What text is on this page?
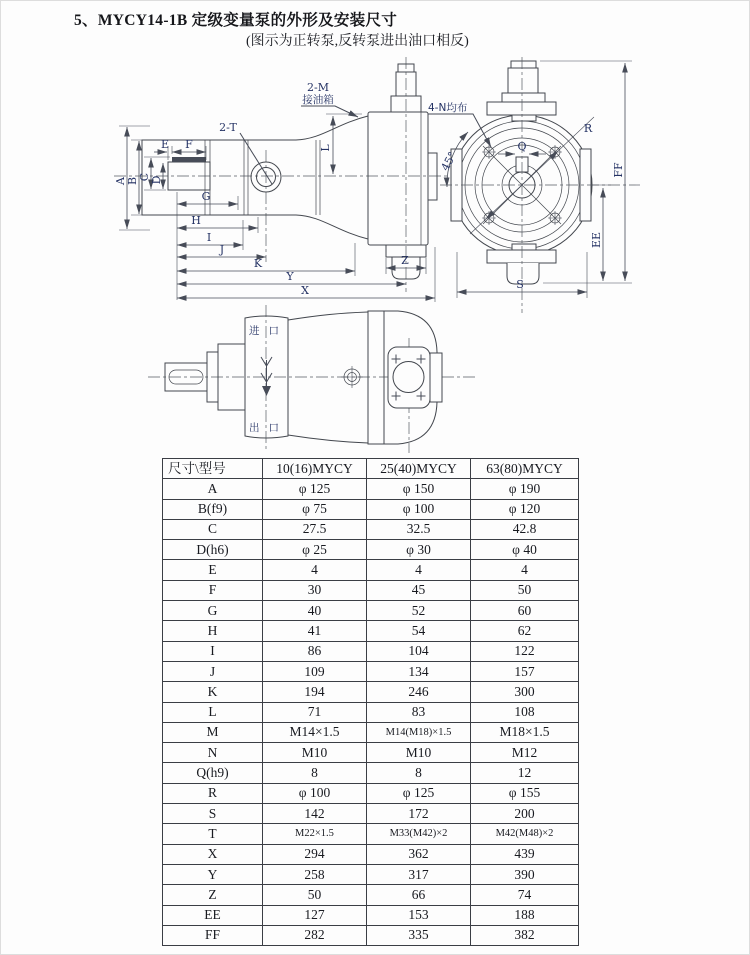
5、MYCY14-1B 定级变量泵的外形及安装尺寸
(图示为正转泵,反转泵进出油口相反)
2-T
2-M
接油箱
L
A B C D
E F
G
H
I
J
K
Y
X
Z
Q
4-N均布
45°
R
EE
FF
S
进口
出口
尺寸\型号	10(16)MYCY	25(40)MYCY	63(80)MYCY
A	φ 125	φ 150	φ 190
B(f9)	φ 75	φ 100	φ 120
C	27.5	32.5	42.8
D(h6)	φ 25	φ 30	φ 40
E	4	4	4
F	30	45	50
G	40	52	60
H	41	54	62
I	86	104	122
J	109	134	157
K	194	246	300
L	71	83	108
M	M14×1.5	M14(M18)×1.5	M18×1.5
N	M10	M10	M12
Q(h9)	8	8	12
R	φ 100	φ 125	φ 155
S	142	172	200
T	M22×1.5	M33(M42)×2	M42(M48)×2
X	294	362	439
Y	258	317	390
Z	50	66	74
EE	127	153	188
FF	282	335	382
